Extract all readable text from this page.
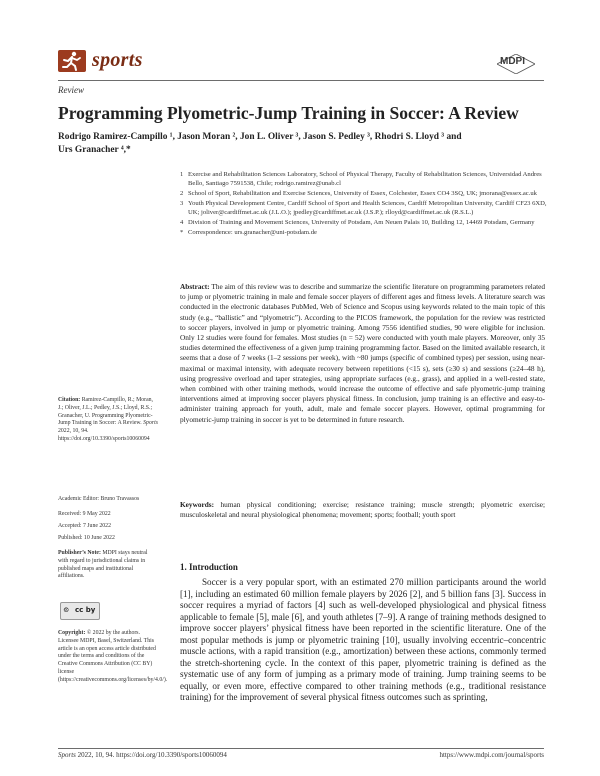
sports	MDPI
Review
Programming Plyometric-Jump Training in Soccer: A Review
Rodrigo Ramirez-Campillo ¹, Jason Moran ², Jon L. Oliver ³, Jason S. Pedley ³, Rhodri S. Lloyd ³ and
Urs Granacher ⁴,*
1 Exercise and Rehabilitation Sciences Laboratory, School of Physical Therapy, Faculty of Rehabilitation Sciences, Universidad Andres Bello, Santiago 7591538, Chile; rodrigo.ramirez@unab.cl
2 School of Sport, Rehabilitation and Exercise Sciences, University of Essex, Colchester, Essex CO4 3SQ, UK; jmorana@essex.ac.uk
3 Youth Physical Development Centre, Cardiff School of Sport and Health Sciences, Cardiff Metropolitan University, Cardiff CF23 6XD, UK; joliver@cardiffmet.ac.uk (J.L.O.); jpedley@cardiffmet.ac.uk (J.S.P.); rlloyd@cardiffmet.ac.uk (R.S.L.)
4 Division of Training and Movement Sciences, University of Potsdam, Am Neuen Palais 10, Building 12, 14469 Potsdam, Germany
* Correspondence: urs.granacher@uni-potsdam.de
Abstract: The aim of this review was to describe and summarize the scientific literature on programming parameters related to jump or plyometric training in male and female soccer players of different ages and fitness levels. A literature search was conducted in the electronic databases PubMed, Web of Science and Scopus using keywords related to the main topic of this study (e.g., “ballistic” and “plyometric”). According to the PICOS framework, the population for the review was restricted to soccer players, involved in jump or plyometric training. Among 7556 identified studies, 90 were eligible for inclusion. Only 12 studies were found for females. Most studies (n = 52) were conducted with youth male players. Moreover, only 35 studies determined the effectiveness of a given jump training programming factor. Based on the limited available research, it seems that a dose of 7 weeks (1–2 sessions per week), with ~80 jumps (specific of combined types) per session, using near-maximal or maximal intensity, with adequate recovery between repetitions (<15 s), sets (≥30 s) and sessions (≥24–48 h), using progressive overload and taper strategies, using appropriate surfaces (e.g., grass), and applied in a well-rested state, when combined with other training methods, would increase the outcome of effective and safe plyometric-jump training interventions aimed at improving soccer players physical fitness. In conclusion, jump training is an effective and easy-to-administer training approach for youth, adult, male and female soccer players. However, optimal programming for plyometric-jump training in soccer is yet to be determined in future research.
Keywords: human physical conditioning; exercise; resistance training; muscle strength; plyometric exercise; musculoskeletal and neural physiological phenomena; movement; sports; football; youth sport
Citation: Ramirez-Campillo, R.; Moran, J.; Oliver, J.L.; Pedley, J.S.; Lloyd, R.S.; Granacher, U. Programming Plyometric-Jump Training in Soccer: A Review. Sports 2022, 10, 94. https://doi.org/10.3390/sports10060094
Academic Editor: Bruno Travassos
Received: 9 May 2022
Accepted: 7 June 2022
Published: 10 June 2022
Publisher’s Note: MDPI stays neutral with regard to jurisdictional claims in published maps and institutional affiliations.
🅭 cc by
Copyright: © 2022 by the authors. Licensee MDPI, Basel, Switzerland. This article is an open access article distributed under the terms and conditions of the Creative Commons Attribution (CC BY) license (https://creativecommons.org/licenses/by/4.0/).
1. Introduction
Soccer is a very popular sport, with an estimated 270 million participants around the world [1], including an estimated 60 million female players by 2026 [2], and 5 billion fans [3]. Success in soccer requires a myriad of factors [4] such as well-developed physiological and physical fitness applicable to female [5], male [6], and youth athletes [7–9]. A range of training methods designed to improve soccer players’ physical fitness have been reported in the scientific literature. One of the most popular methods is jump or plyometric training [10], usually involving eccentric–concentric muscle actions, with a rapid transition (e.g., amortization) between these actions, commonly termed the stretch-shortening cycle. In the context of this paper, plyometric training is defined as the systematic use of any form of jumping as a primary mode of training. Jump training seems to be equally, or even more, effective compared to other training methods (e.g., traditional resistance training) for the improvement of several physical fitness outcomes such as sprinting,
Sports 2022, 10, 94. https://doi.org/10.3390/sports10060094	https://www.mdpi.com/journal/sports
